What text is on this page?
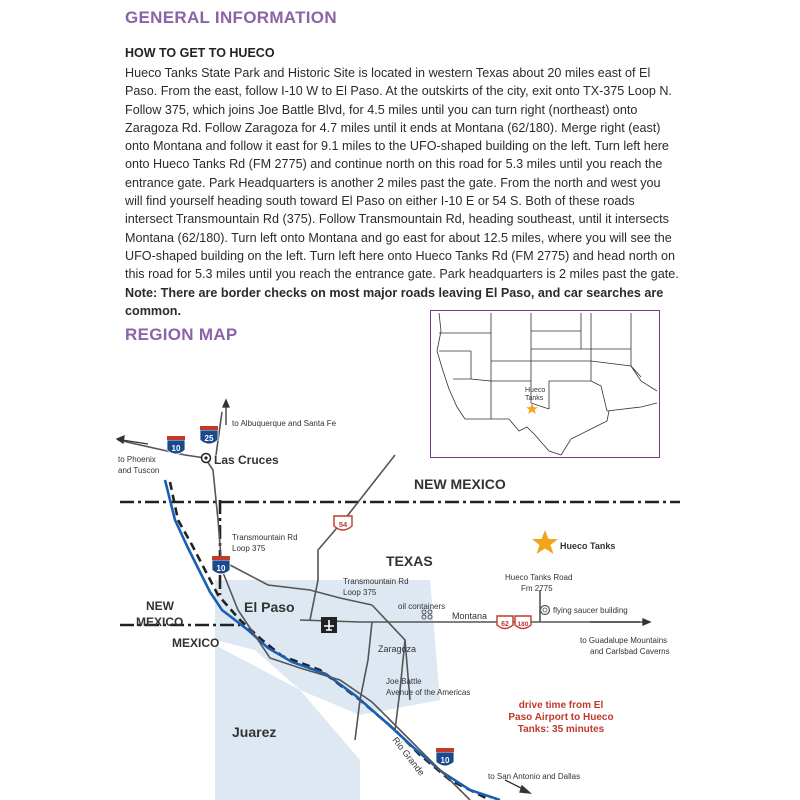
GENERAL INFORMATION
HOW TO GET TO HUECO
Hueco Tanks State Park and Historic Site is located in western Texas about 20 miles east of El Paso. From the east, follow I-10 W to El Paso. At the outskirts of the city, exit onto TX-375 Loop N. Follow 375, which joins Joe Battle Blvd, for 4.5 miles until you can turn right (northeast) onto Zaragoza Rd. Follow Zaragoza for 4.7 miles until it ends at Montana (62/180). Merge right (east) onto Montana and follow it east for 9.1 miles to the UFO-shaped building on the left. Turn left here onto Hueco Tanks Rd (FM 2775) and continue north on this road for 5.3 miles until you reach the entrance gate. Park Headquarters is another 2 miles past the gate. From the north and west you will find yourself heading south toward El Paso on either I-10 E or 54 S. Both of these roads intersect Transmountain Rd (375). Follow Transmountain Rd, heading southeast, until it intersects Montana (62/180). Turn left onto Montana and go east for about 12.5 miles, where you will see the UFO-shaped building on the left. Turn left here onto Hueco Tanks Rd (FM 2775) and head north on this road for 5.3 miles until you reach the entrance gate. Park headquarters is 2 miles past the gate. Note: There are border checks on most major roads leaving El Paso, and car searches are common.
REGION MAP
Hueco
Tanks
10
25
10
10
54
62 180
to Albuquerque and Santa Fe
to Phoenix
and Tuscon
Las Cruces
NEW MEXICO
TEXAS
NEW
MEXICO
MEXICO
El Paso
Juarez
Transmountain Rd
Loop 375
Transmountain Rd
Loop 375
oil containers
Montana
Zaragoza
Joe Battle
Avenue of the Americas
Hueco Tanks
Hueco Tanks Road
Fm 2775
flying saucer building
to Guadalupe Mountains
and Carlsbad Caverns
drive time from El
Paso Airport to Hueco
Tanks: 35 minutes
Rio Grande	to San Antonio and Dallas
